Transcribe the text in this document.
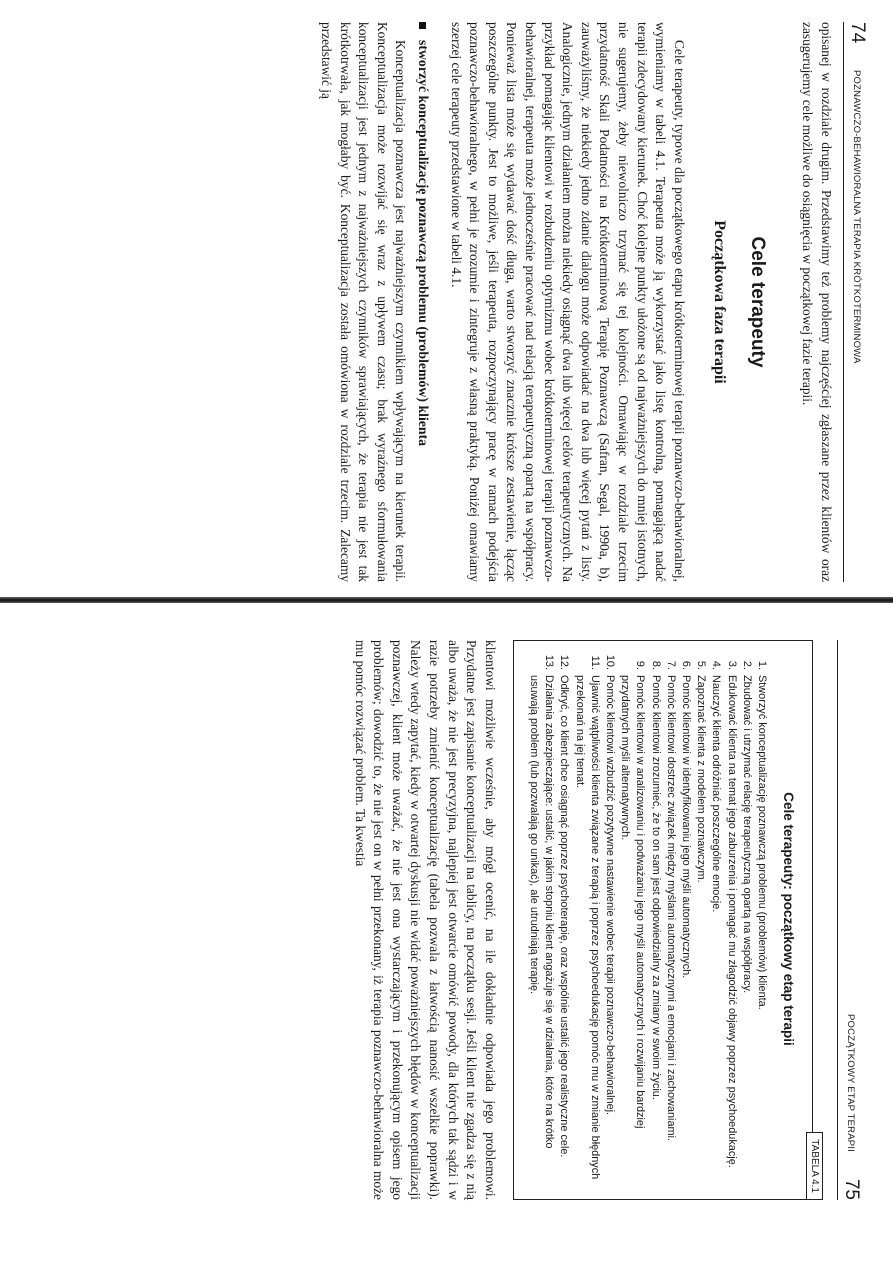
74
POZNAWCZO-BEHAWIORALNA TERAPIA KRÓTKOTERMINOWA

opisanej w rozdziale drugim. Przedstawimy też problemy najczęściej zgłaszane przez klientów oraz zasugerujemy cele możliwe do osiągnięcia w początkowej fazie terapii.

Cele terapeuty
Początkowa faza terapii

Cele terapeuty, typowe dla początkowego etapu krótkoterminowej terapii poznawczo-behawioralnej, wymieniamy w tabeli 4.1. Terapeuta może ją wykorzystać jako listę kontrolną, pomagającą nadać terapii zdecydowany kierunek. Choć kolejne punkty ułożone są od najważniejszych do mniej istotnych, nie sugerujemy, żeby niewolniczo trzymać się tej kolejności. Omawiając w rozdziale trzecim przydatność Skali Podatności na Krótkoterminową Terapię Poznawczą (Safran, Segal, 1990a, b), zauważyliśmy, że niekiedy jedno zdanie dialogu może odpowiadać na dwa lub więcej pytań z listy. Analogicznie, jednym działaniem można niekiedy osiągnąć dwa lub więcej celów terapeutycznych. Na przykład pomagając klientowi w rozbudzeniu optymizmu wobec krótkoterminowej terapii poznawczo-behawioralnej, terapeuta może jednocześnie pracować nad relacją terapeutyczną opartą na współpracy. Ponieważ lista może się wydawać dość długa, warto stworzyć znacznie krótsze zestawienie, łącząc poszczególne punkty. Jest to możliwe, jeśli terapeuta, rozpoczynający pracę w ramach podejścia poznawczo-behawioralnego, w pełni je zrozumie i zintegruje z własną praktyką. Poniżej omawiamy szerzej cele terapeuty przedstawione w tabeli 4.1.

stworzyć konceptualizację poznawczą problemu (problemów) klienta

Konceptualizacja poznawcza jest najważniejszym czynnikiem wpływającym na kierunek terapii. Konceptualizacja może rozwijać się wraz z upływem czasu; brak wyraźnego sformułowania konceptualizacji jest jednym z najważniejszych czynników sprawiających, że terapia nie jest tak krótkotrwała, jak mogłaby być. Konceptualizacja została omówiona w rozdziale trzecim. Zalecamy przedstawić ją

POCZĄTKOWY ETAP TERAPII
75
TABELA 4.1
Cele terapeuty: początkowy etap terapii
1. Stworzyć konceptualizację poznawczą problemu (problemów) klienta.
2. Zbudować i utrzymać relację terapeutyczną opartą na współpracy.
3. Edukować klienta na temat jego zaburzenia i pomagać mu złagodzić objawy poprzez psychoedukację.
4. Nauczyć klienta odróżniać poszczególne emocje.
5. Zapoznać klienta z modelem poznawczym.
6. Pomóc klientowi w identyfikowaniu jego myśli automatycznych.
7. Pomóc klientowi dostrzec związek między myślami automatycznymi a emocjami i zachowaniami.
8. Pomóc klientowi zrozumieć, że to on sam jest odpowiedzialny za zmiany w swoim życiu.
9. Pomóc klientowi w analizowaniu i podważaniu jego myśli automatycznych i rozwijaniu bardziej przydatnych myśli alternatywnych.
10. Pomóc klientowi wzbudzić pozytywne nastawienie wobec terapii poznawczo-behawioralnej.
11. Ujawnić wątpliwości klienta związane z terapią i poprzez psychoedukację pomóc mu w zmianie błędnych przekonań na jej temat.
12. Odkryć, co klient chce osiągnąć poprzez psychoterapię, oraz wspólnie ustalić jego realistyczne cele.
13. Działania zabezpieczające: ustalić, w jakim stopniu klient angażuje się w działania, które na krótko usuwają problem (lub pozwalają go unikać), ale utrudniają terapię.

klientowi możliwie wcześnie, aby mógł ocenić, na ile dokładnie odpowiada jego problemowi. Przydatne jest zapisanie konceptualizacji na tablicy, na początku sesji. Jeśli klient nie zgadza się z nią albo uważa, że nie jest precyzyjna, najlepiej jest otwarcie omówić powody, dla których tak sądzi i w razie potrzeby zmienić konceptualizację (tabela pozwala z łatwością nanosić wszelkie poprawki). Należy wtedy zapytać, kiedy w otwartej dyskusji nie widać poważniejszych błędów w konceptualizacji poznawczej, klient może uważać, że nie jest ona wystarczającym i przekonującym opisem jego problemów; dowodzić to, że nie jest on w pełni przekonany, iż terapia poznawczo-behawioralna może mu pomóc rozwiązać problem. Ta kwestia
